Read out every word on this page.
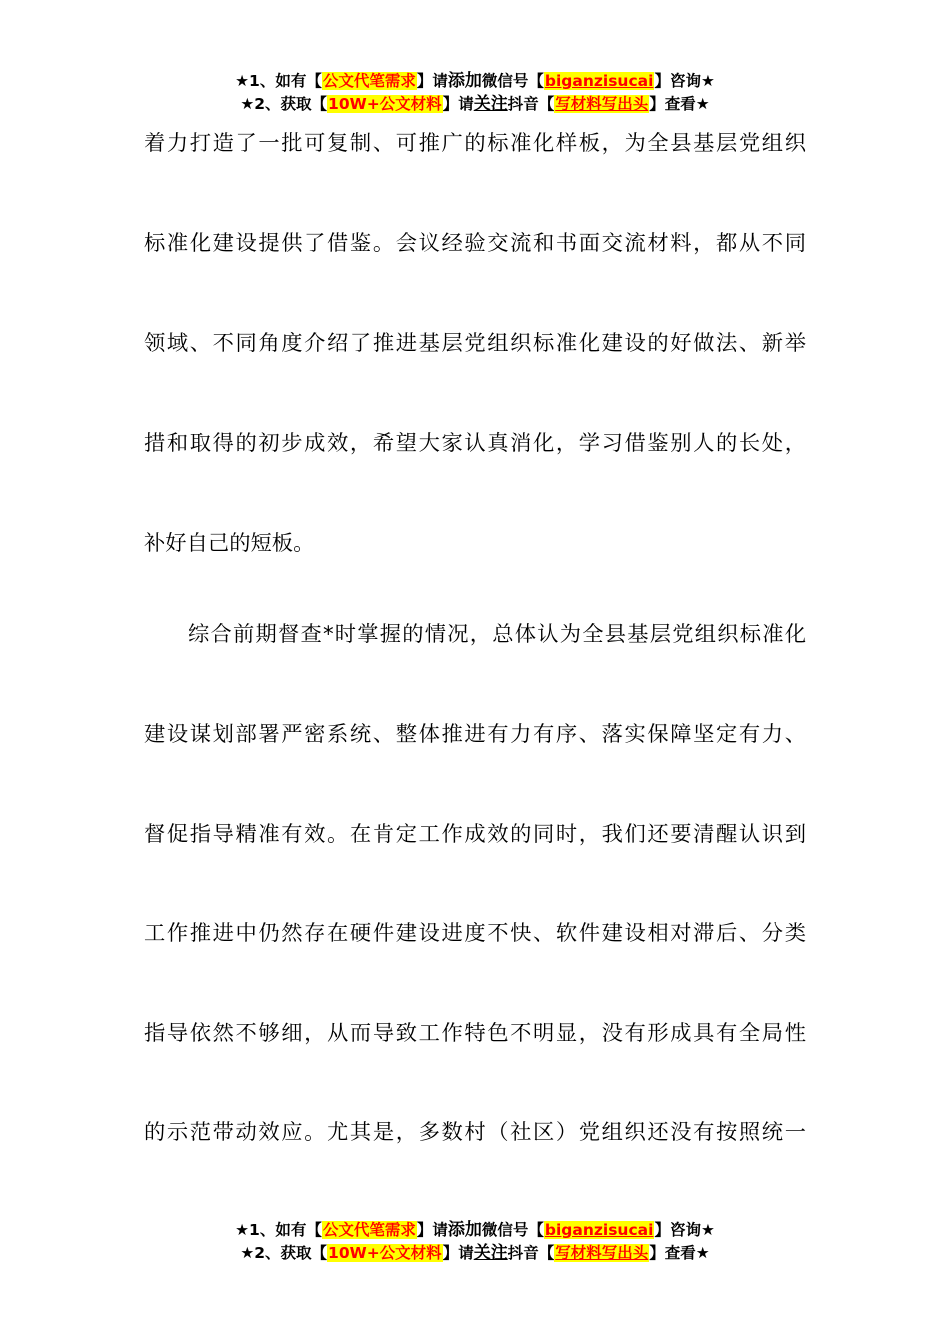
★1、如有【公文代笔需求】请添加微信号【biganzisucai】咨询★
★2、获取【10W+公文材料】请关注抖音【写材料写出头】查看★
着力打造了一批可复制、可推广的标准化样板，为全县基层党组织
标准化建设提供了借鉴。会议经验交流和书面交流材料，都从不同
领域、不同角度介绍了推进基层党组织标准化建设的好做法、新举
措和取得的初步成效，希望大家认真消化，学习借鉴别人的长处，
补好自己的短板。
综合前期督查*时掌握的情况，总体认为全县基层党组织标准化
建设谋划部署严密系统、整体推进有力有序、落实保障坚定有力、
督促指导精准有效。在肯定工作成效的同时，我们还要清醒认识到
工作推进中仍然存在硬件建设进度不快、软件建设相对滞后、分类
指导依然不够细，从而导致工作特色不明显，没有形成具有全局性
的示范带动效应。尤其是，多数村（社区）党组织还没有按照统一
★1、如有【公文代笔需求】请添加微信号【biganzisucai】咨询★
★2、获取【10W+公文材料】请关注抖音【写材料写出头】查看★
